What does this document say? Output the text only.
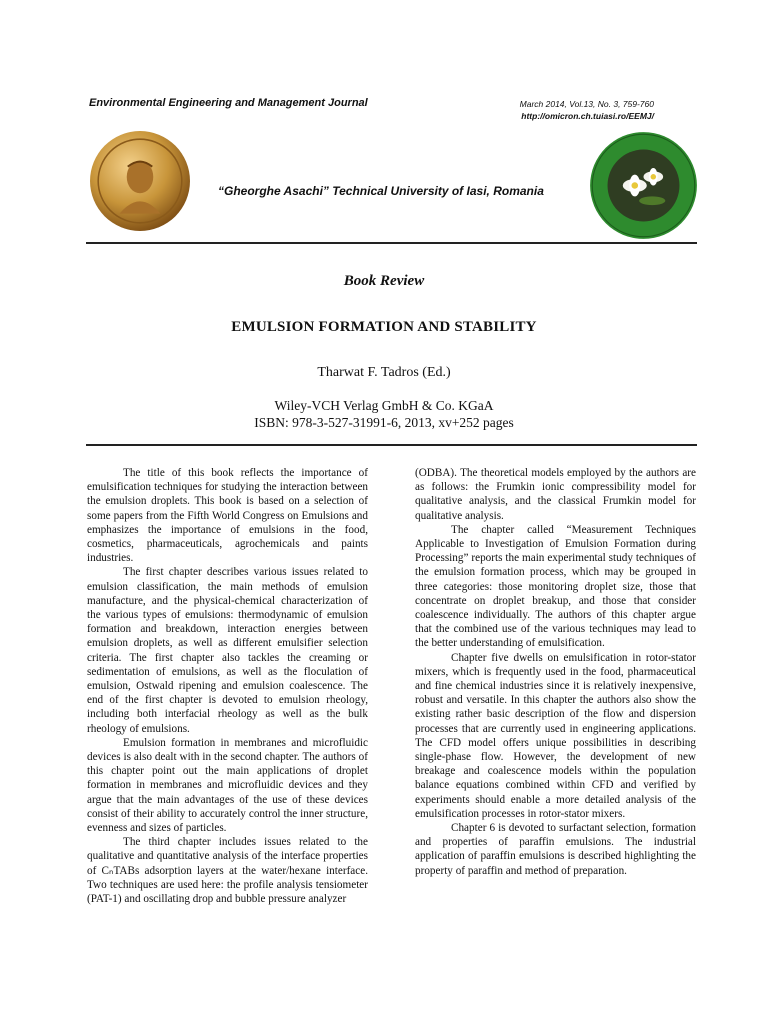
Environmental Engineering and Management Journal	March 2014, Vol.13, No. 3, 759-760
http://omicron.ch.tuiasi.ro/EEMJ/
“Gheorghe Asachi” Technical University of Iasi, Romania
Book Review
EMULSION FORMATION AND STABILITY
Tharwat F. Tadros (Ed.)
Wiley-VCH Verlag GmbH & Co. KGaA
ISBN: 978-3-527-31991-6, 2013, xv+252 pages

The title of this book reflects the importance of emulsification techniques for studying the interaction between the emulsion droplets. This book is based on a selection of some papers from the Fifth World Congress on Emulsions and emphasizes the importance of emulsions in the food, cosmetics, pharmaceuticals, agrochemicals and paints industries.

The first chapter describes various issues related to emulsion classification, the main methods of emulsion manufacture, and the physical-chemical characterization of the various types of emulsions: thermodynamic of emulsion formation and breakdown, interaction energies between emulsion droplets, as well as different emulsifier selection criteria. The first chapter also tackles the creaming or sedimentation of emulsions, as well as the floculation of emulsion, Ostwald ripening and emulsion coalescence. The end of the first chapter is devoted to emulsion rheology, including both interfacial rheology as well as the bulk rheology of emulsions.

Emulsion formation in membranes and microfluidic devices is also dealt with in the second chapter. The authors of this chapter point out the main applications of droplet formation in membranes and microfluidic devices and they argue that the main advantages of the use of these devices consist of their ability to accurately control the inner structure, evenness and sizes of particles.

The third chapter includes issues related to the qualitative and quantitative analysis of the interface properties of CₙTABs adsorption layers at the water/hexane interface. Two techniques are used here: the profile analysis tensiometer (PAT-1) and oscillating drop and bubble pressure analyzer

(ODBA). The theoretical models employed by the authors are as follows: the Frumkin ionic compressibility model for qualitative analysis, and the classical Frumkin model for qualitative analysis.

The chapter called “Measurement Techniques Applicable to Investigation of Emulsion Formation during Processing” reports the main experimental study techniques of the emulsion formation process, which may be grouped in three categories: those monitoring droplet size, those that concentrate on droplet breakup, and those that consider coalescence individually. The authors of this chapter argue that the combined use of the various techniques may lead to the better understanding of emulsification.

Chapter five dwells on emulsification in rotor-stator mixers, which is frequently used in the food, pharmaceutical and fine chemical industries since it is relatively inexpensive, robust and versatile. In this chapter the authors also show the existing rather basic description of the flow and dispersion processes that are currently used in engineering applications. The CFD model offers unique possibilities in describing single-phase flow. However, the development of new breakage and coalescence models within the population balance equations combined within CFD and verified by experiments should enable a more detailed analysis of the emulsification processes in rotor-stator mixers.

Chapter 6 is devoted to surfactant selection, formation and properties of paraffin emulsions. The industrial application of paraffin emulsions is described highlighting the property of paraffin and method of preparation.
